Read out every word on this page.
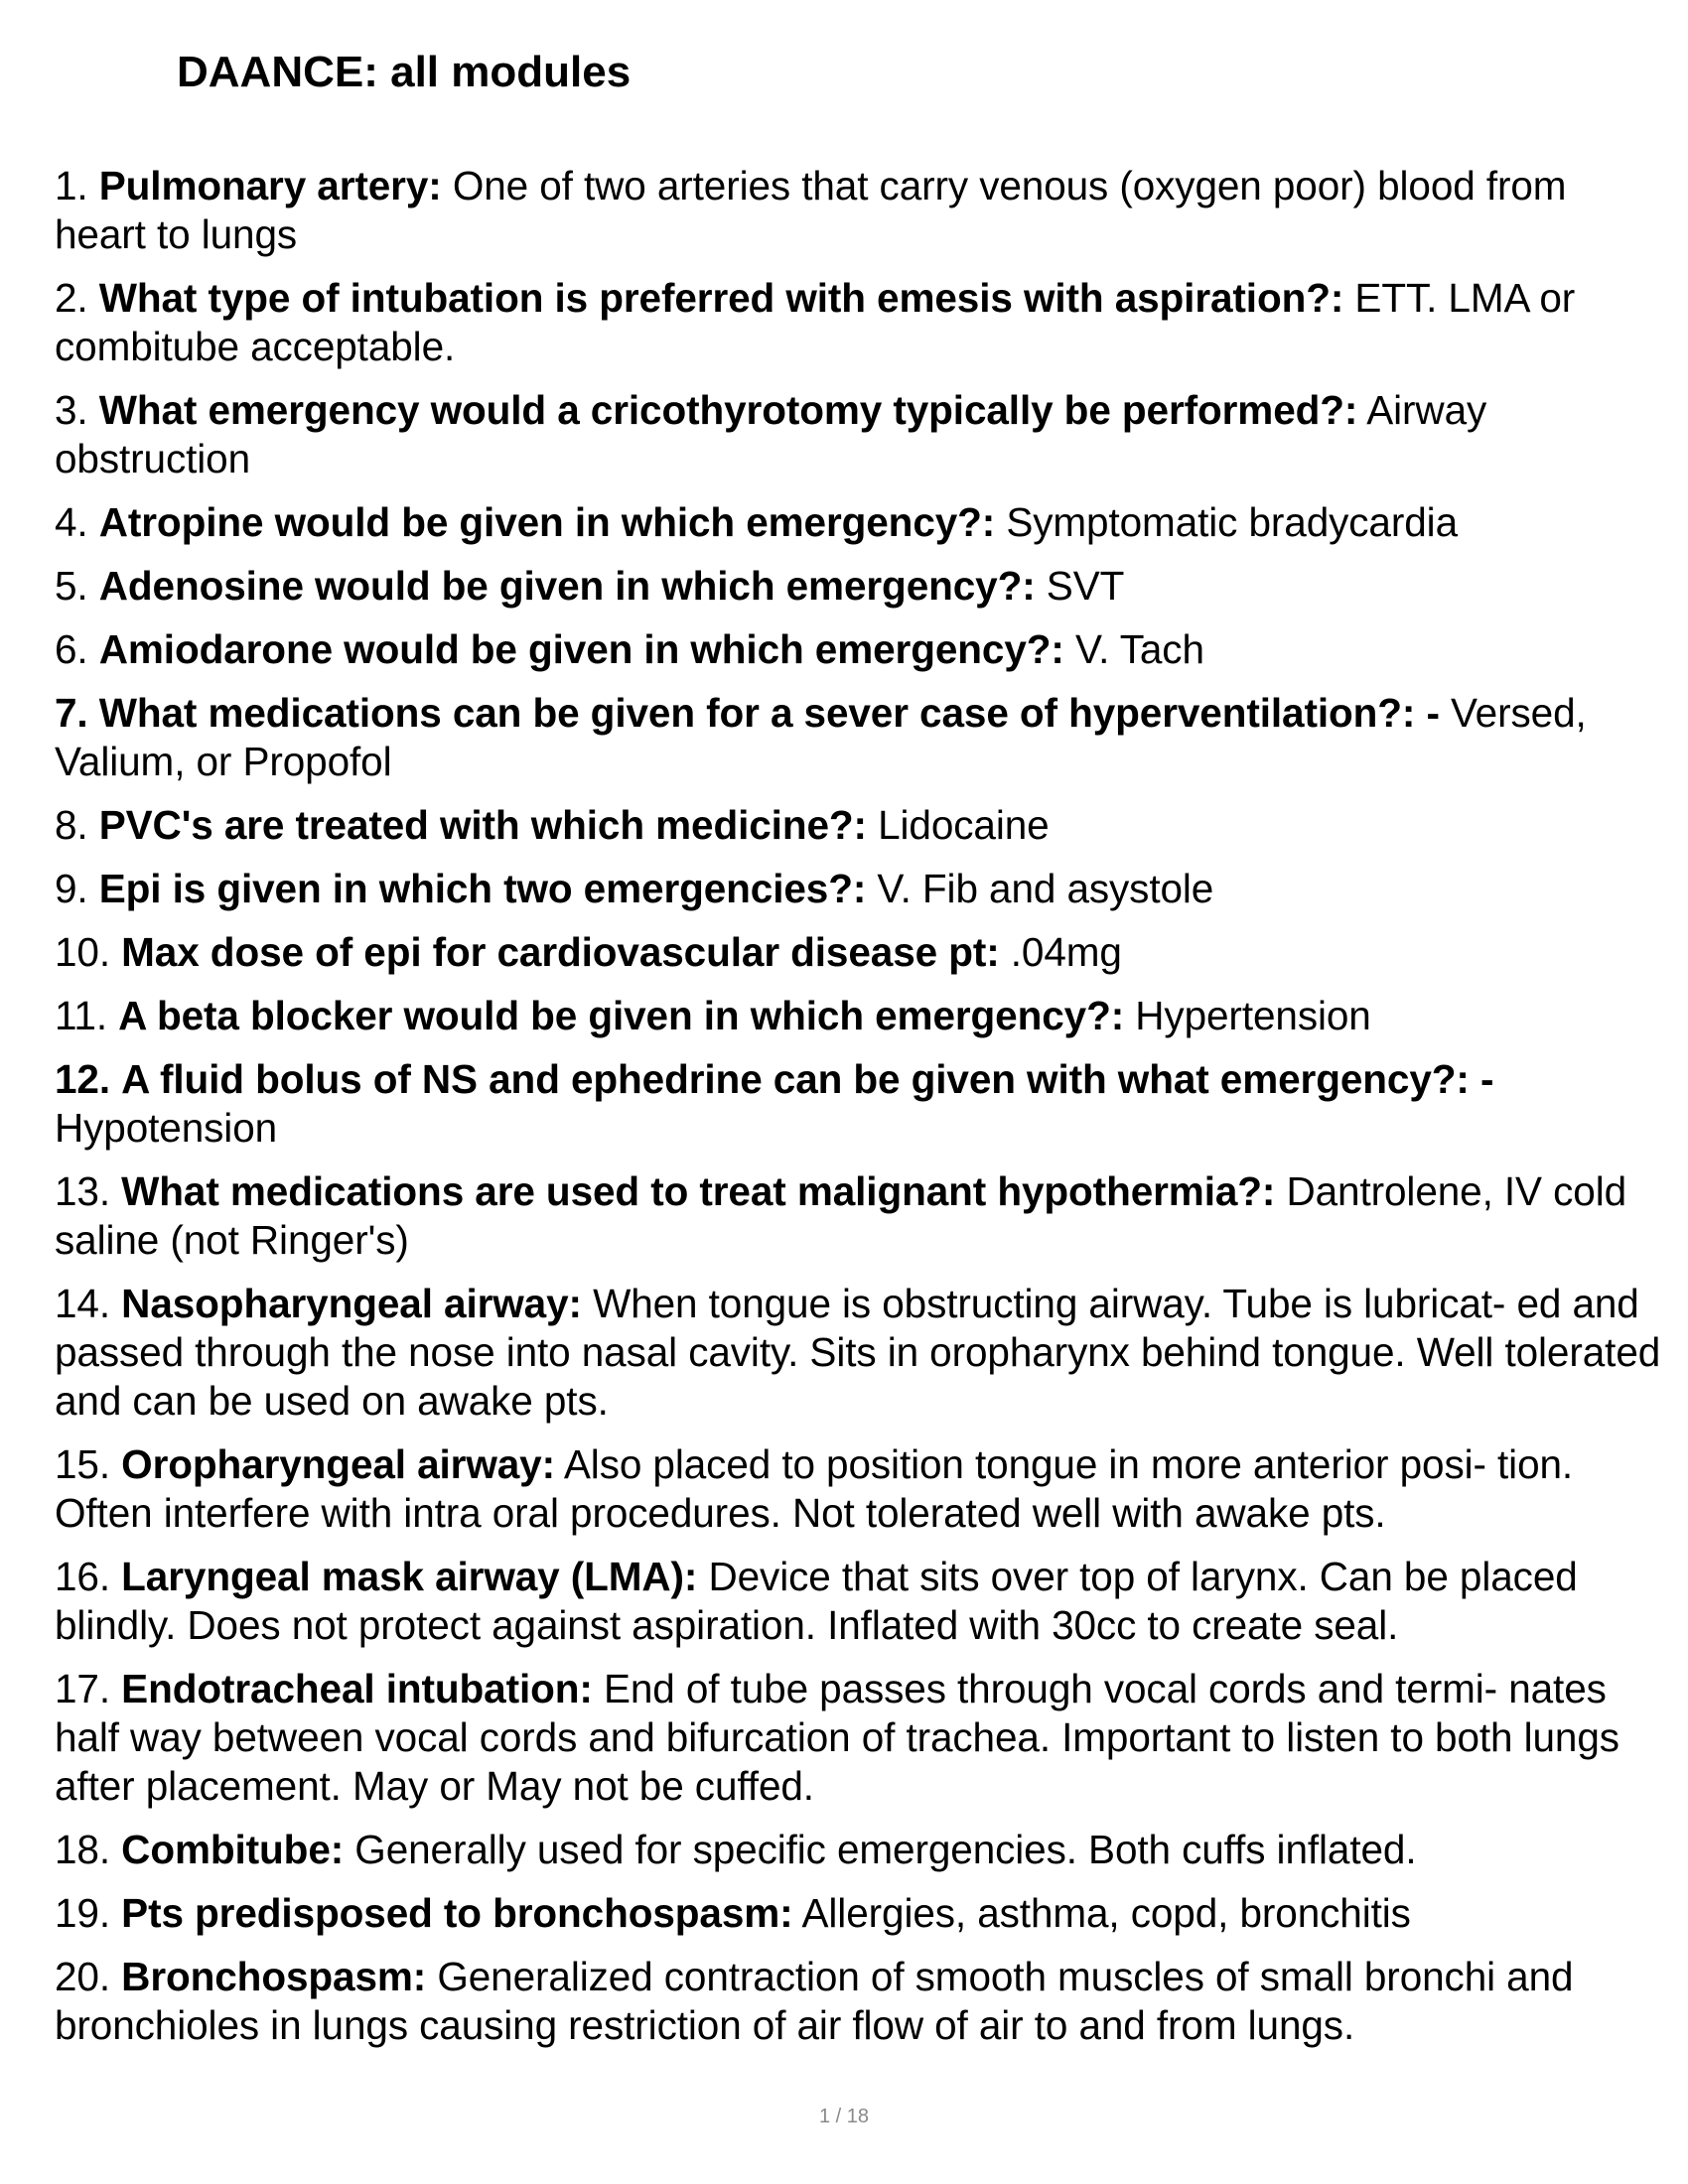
DAANCE: all modules
1. Pulmonary artery: One of two arteries that carry venous (oxygen poor) blood from heart to lungs
2. What type of intubation is preferred with emesis with aspiration?: ETT. LMA or combitube acceptable.
3. What emergency would a cricothyrotomy typically be performed?: Airway obstruction
4. Atropine would be given in which emergency?: Symptomatic bradycardia
5. Adenosine would be given in which emergency?: SVT
6. Amiodarone would be given in which emergency?: V. Tach
7. What medications can be given for a sever case of hyperventilation?: - Versed, Valium, or Propofol
8. PVC's are treated with which medicine?: Lidocaine
9. Epi is given in which two emergencies?: V. Fib and asystole
10. Max dose of epi for cardiovascular disease pt: .04mg
11. A beta blocker would be given in which emergency?: Hypertension
12. A fluid bolus of NS and ephedrine can be given with what emergency?: - Hypotension
13. What medications are used to treat malignant hypothermia?: Dantrolene, IV cold saline (not Ringer's)
14. Nasopharyngeal airway: When tongue is obstructing airway. Tube is lubricat- ed and passed through the nose into nasal cavity. Sits in oropharynx behind tongue. Well tolerated and can be used on awake pts.
15. Oropharyngeal airway: Also placed to position tongue in more anterior posi- tion. Often interfere with intra oral procedures. Not tolerated well with awake pts.
16. Laryngeal mask airway (LMA): Device that sits over top of larynx. Can be placed blindly. Does not protect against aspiration. Inflated with 30cc to create seal.
17. Endotracheal intubation: End of tube passes through vocal cords and termi- nates half way between vocal cords and bifurcation of trachea. Important to listen to both lungs after placement. May or May not be cuffed.
18. Combitube: Generally used for specific emergencies. Both cuffs inflated.
19. Pts predisposed to bronchospasm: Allergies, asthma, copd, bronchitis
20. Bronchospasm: Generalized contraction of smooth muscles of small bronchi and bronchioles in lungs causing restriction of air flow of air to and from lungs.
1 / 18
